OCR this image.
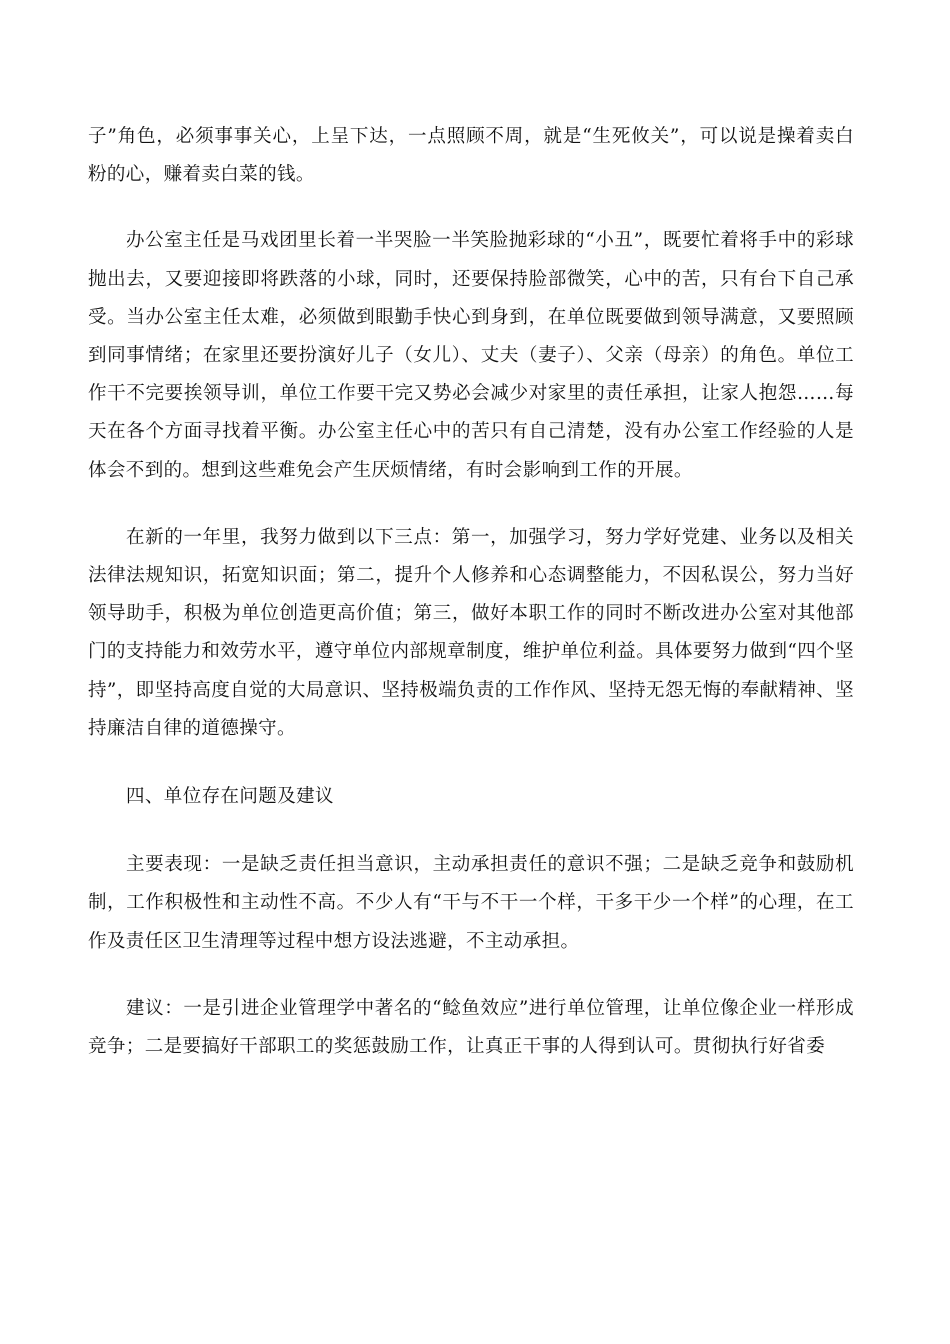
子”角色，必须事事关心，上呈下达，一点照顾不周，就是“生死攸关”，可以说是操着卖白粉的心，赚着卖白菜的钱。

办公室主任是马戏团里长着一半哭脸一半笑脸抛彩球的“小丑”，既要忙着将手中的彩球抛出去，又要迎接即将跌落的小球，同时，还要保持脸部微笑，心中的苦，只有台下自己承受。当办公室主任太难，必须做到眼勤手快心到身到，在单位既要做到领导满意，又要照顾到同事情绪；在家里还要扮演好儿子（女儿）、丈夫（妻子）、父亲（母亲）的角色。单位工作干不完要挨领导训，单位工作要干完又势必会减少对家里的责任承担，让家人抱怨……每天在各个方面寻找着平衡。办公室主任心中的苦只有自己清楚，没有办公室工作经验的人是体会不到的。想到这些难免会产生厌烦情绪，有时会影响到工作的开展。

在新的一年里，我努力做到以下三点：第一，加强学习，努力学好党建、业务以及相关法律法规知识，拓宽知识面；第二，提升个人修养和心态调整能力，不因私误公，努力当好领导助手，积极为单位创造更高价值；第三，做好本职工作的同时不断改进办公室对其他部门的支持能力和效劳水平，遵守单位内部规章制度，维护单位利益。具体要努力做到“四个坚持”，即坚持高度自觉的大局意识、坚持极端负责的工作作风、坚持无怨无悔的奉献精神、坚持廉洁自律的道德操守。

四、单位存在问题及建议

主要表现：一是缺乏责任担当意识，主动承担责任的意识不强；二是缺乏竞争和鼓励机制，工作积极性和主动性不高。不少人有“干与不干一个样，干多干少一个样”的心理，在工作及责任区卫生清理等过程中想方设法逃避，不主动承担。

建议：一是引进企业管理学中著名的“鲶鱼效应”进行单位管理，让单位像企业一样形成竞争；二是要搞好干部职工的奖惩鼓励工作，让真正干事的人得到认可。贯彻执行好省委
